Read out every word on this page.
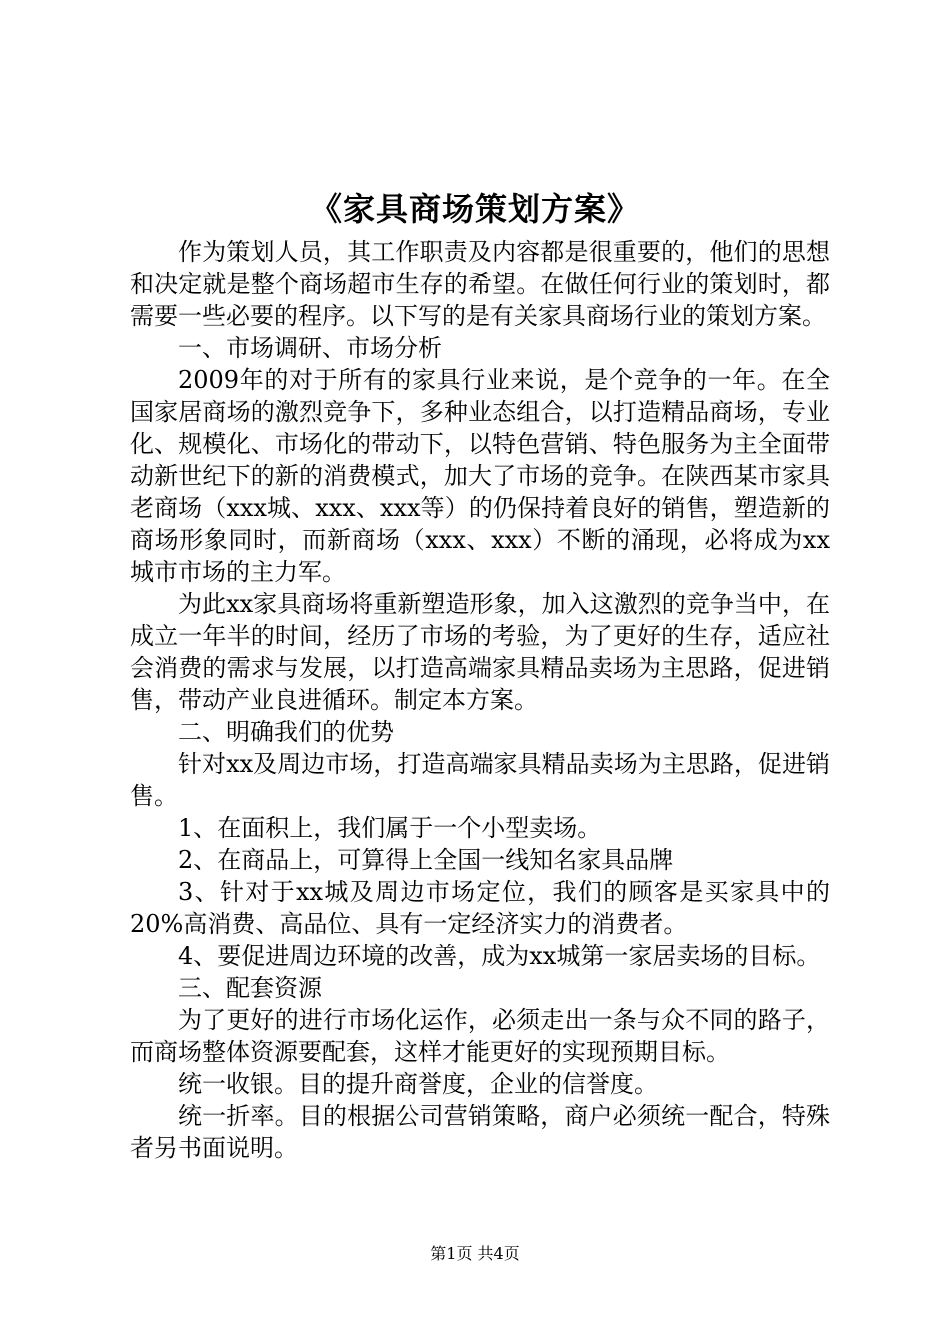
《家具商场策划方案》

作为策划人员，其工作职责及内容都是很重要的，他们的思想和决定就是整个商场超市生存的希望。在做任何行业的策划时，都需要一些必要的程序。以下写的是有关家具商场行业的策划方案。

一、市场调研、市场分析

2009年的对于所有的家具行业来说，是个竞争的一年。在全国家居商场的激烈竞争下，多种业态组合，以打造精品商场，专业化、规模化、市场化的带动下，以特色营销、特色服务为主全面带动新世纪下的新的消费模式，加大了市场的竞争。在陕西某市家具老商场（xxx城、xxx、xxx等）的仍保持着良好的销售，塑造新的商场形象同时，而新商场（xxx、xxx）不断的涌现，必将成为xx城市市场的主力军。

为此xx家具商场将重新塑造形象，加入这激烈的竞争当中，在成立一年半的时间，经历了市场的考验，为了更好的生存，适应社会消费的需求与发展，以打造高端家具精品卖场为主思路，促进销售，带动产业良进循环。制定本方案。

二、明确我们的优势

针对xx及周边市场，打造高端家具精品卖场为主思路，促进销售。

1、在面积上，我们属于一个小型卖场。

2、在商品上，可算得上全国一线知名家具品牌

3、针对于xx城及周边市场定位，我们的顾客是买家具中的20%高消费、高品位、具有一定经济实力的消费者。

4、要促进周边环境的改善，成为xx城第一家居卖场的目标。

三、配套资源

为了更好的进行市场化运作，必须走出一条与众不同的路子，而商场整体资源要配套，这样才能更好的实现预期目标。

统一收银。目的提升商誉度，企业的信誉度。

统一折率。目的根据公司营销策略，商户必须统一配合，特殊者另书面说明。

第1页 共4页
